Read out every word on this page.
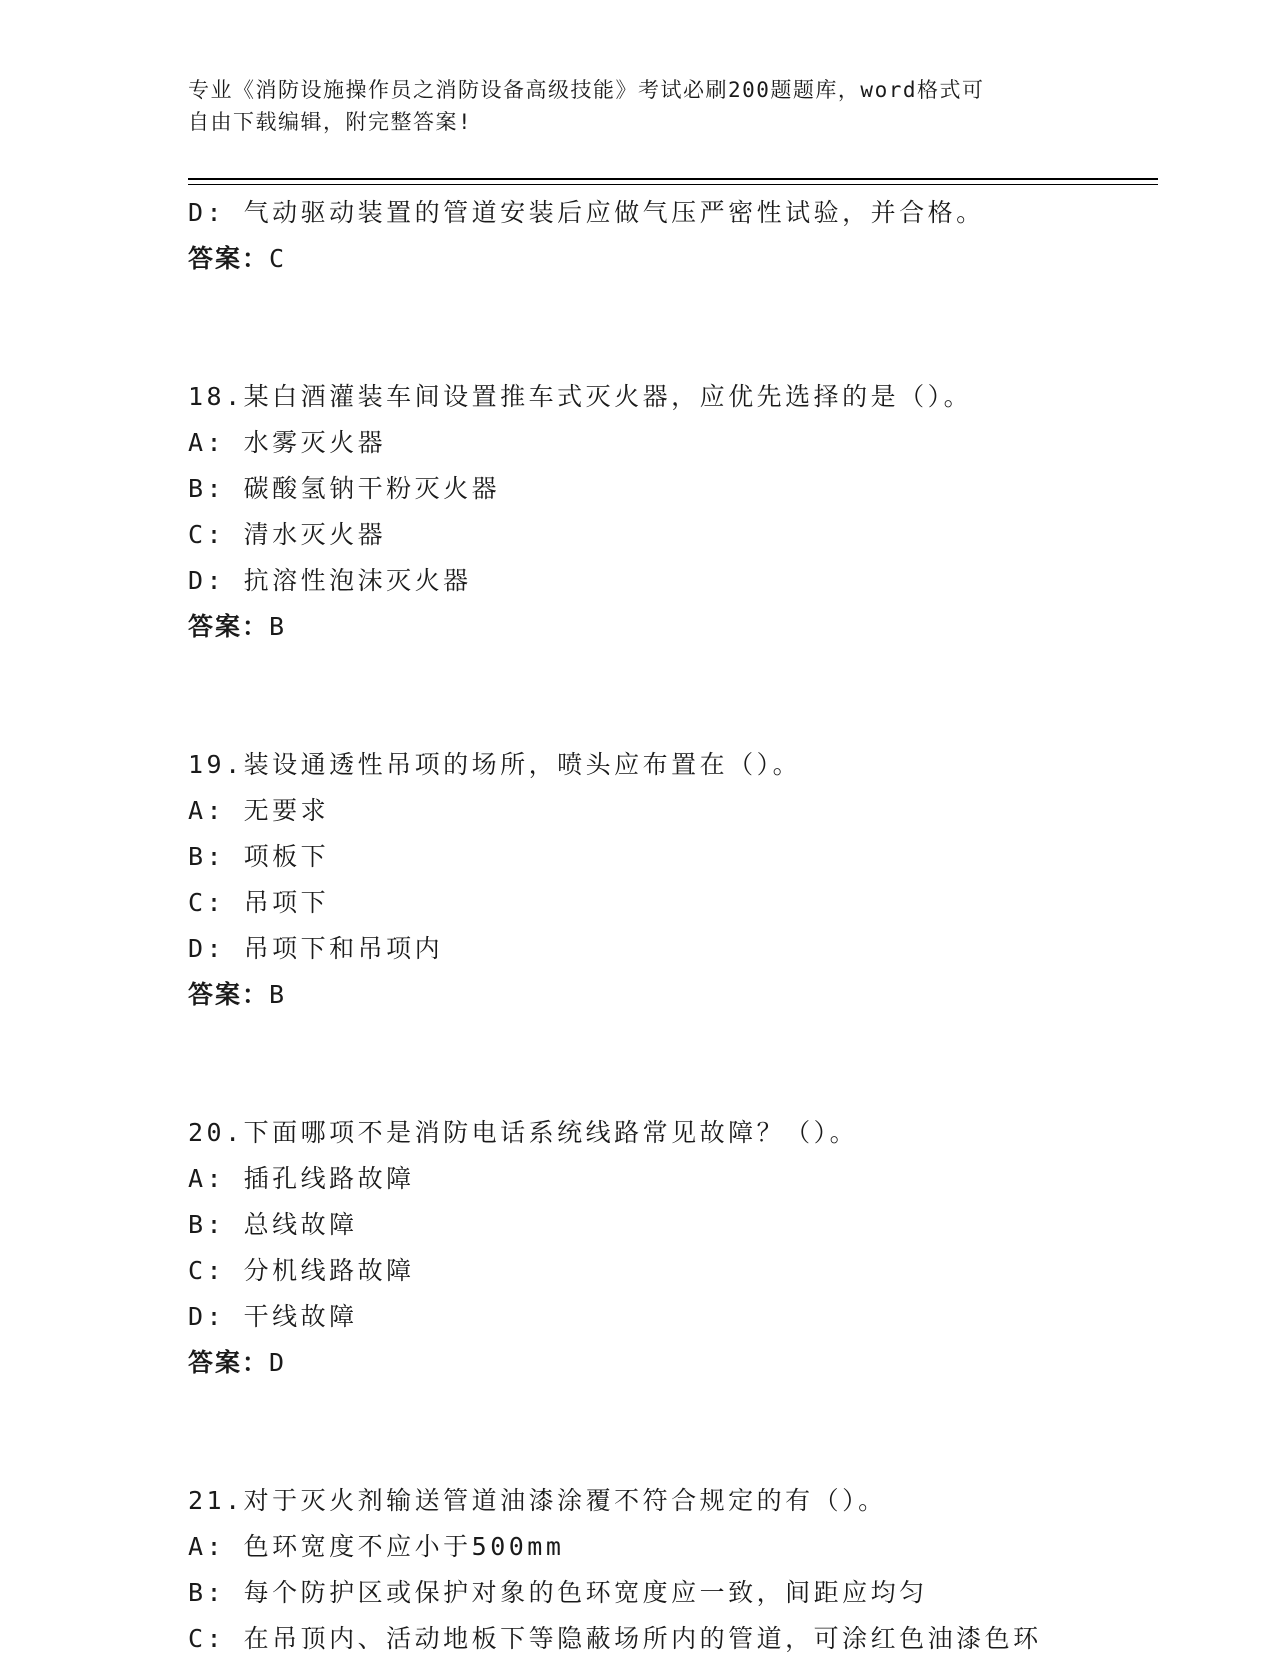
专业《消防设施操作员之消防设备高级技能》考试必刷200题题库，word格式可
自由下载编辑，附完整答案!
D: 气动驱动装置的管道安装后应做气压严密性试验，并合格。
答案：C
18.某白酒灌装车间设置推车式灭火器，应优先选择的是（）。
A: 水雾灭火器
B: 碳酸氢钠干粉灭火器
C: 清水灭火器
D: 抗溶性泡沫灭火器
答案：B
19.装设通透性吊项的场所，喷头应布置在（）。
A: 无要求
B: 项板下
C: 吊项下
D: 吊项下和吊项内
答案：B
20.下面哪项不是消防电话系统线路常见故障？（）。
A: 插孔线路故障
B: 总线故障
C: 分机线路故障
D: 干线故障
答案：D
21.对于灭火剂输送管道油漆涂覆不符合规定的有（）。
A: 色环宽度不应小于500mm
B: 每个防护区或保护对象的色环宽度应一致，间距应均匀
C: 在吊顶内、活动地板下等隐蔽场所内的管道，可涂红色油漆色环
